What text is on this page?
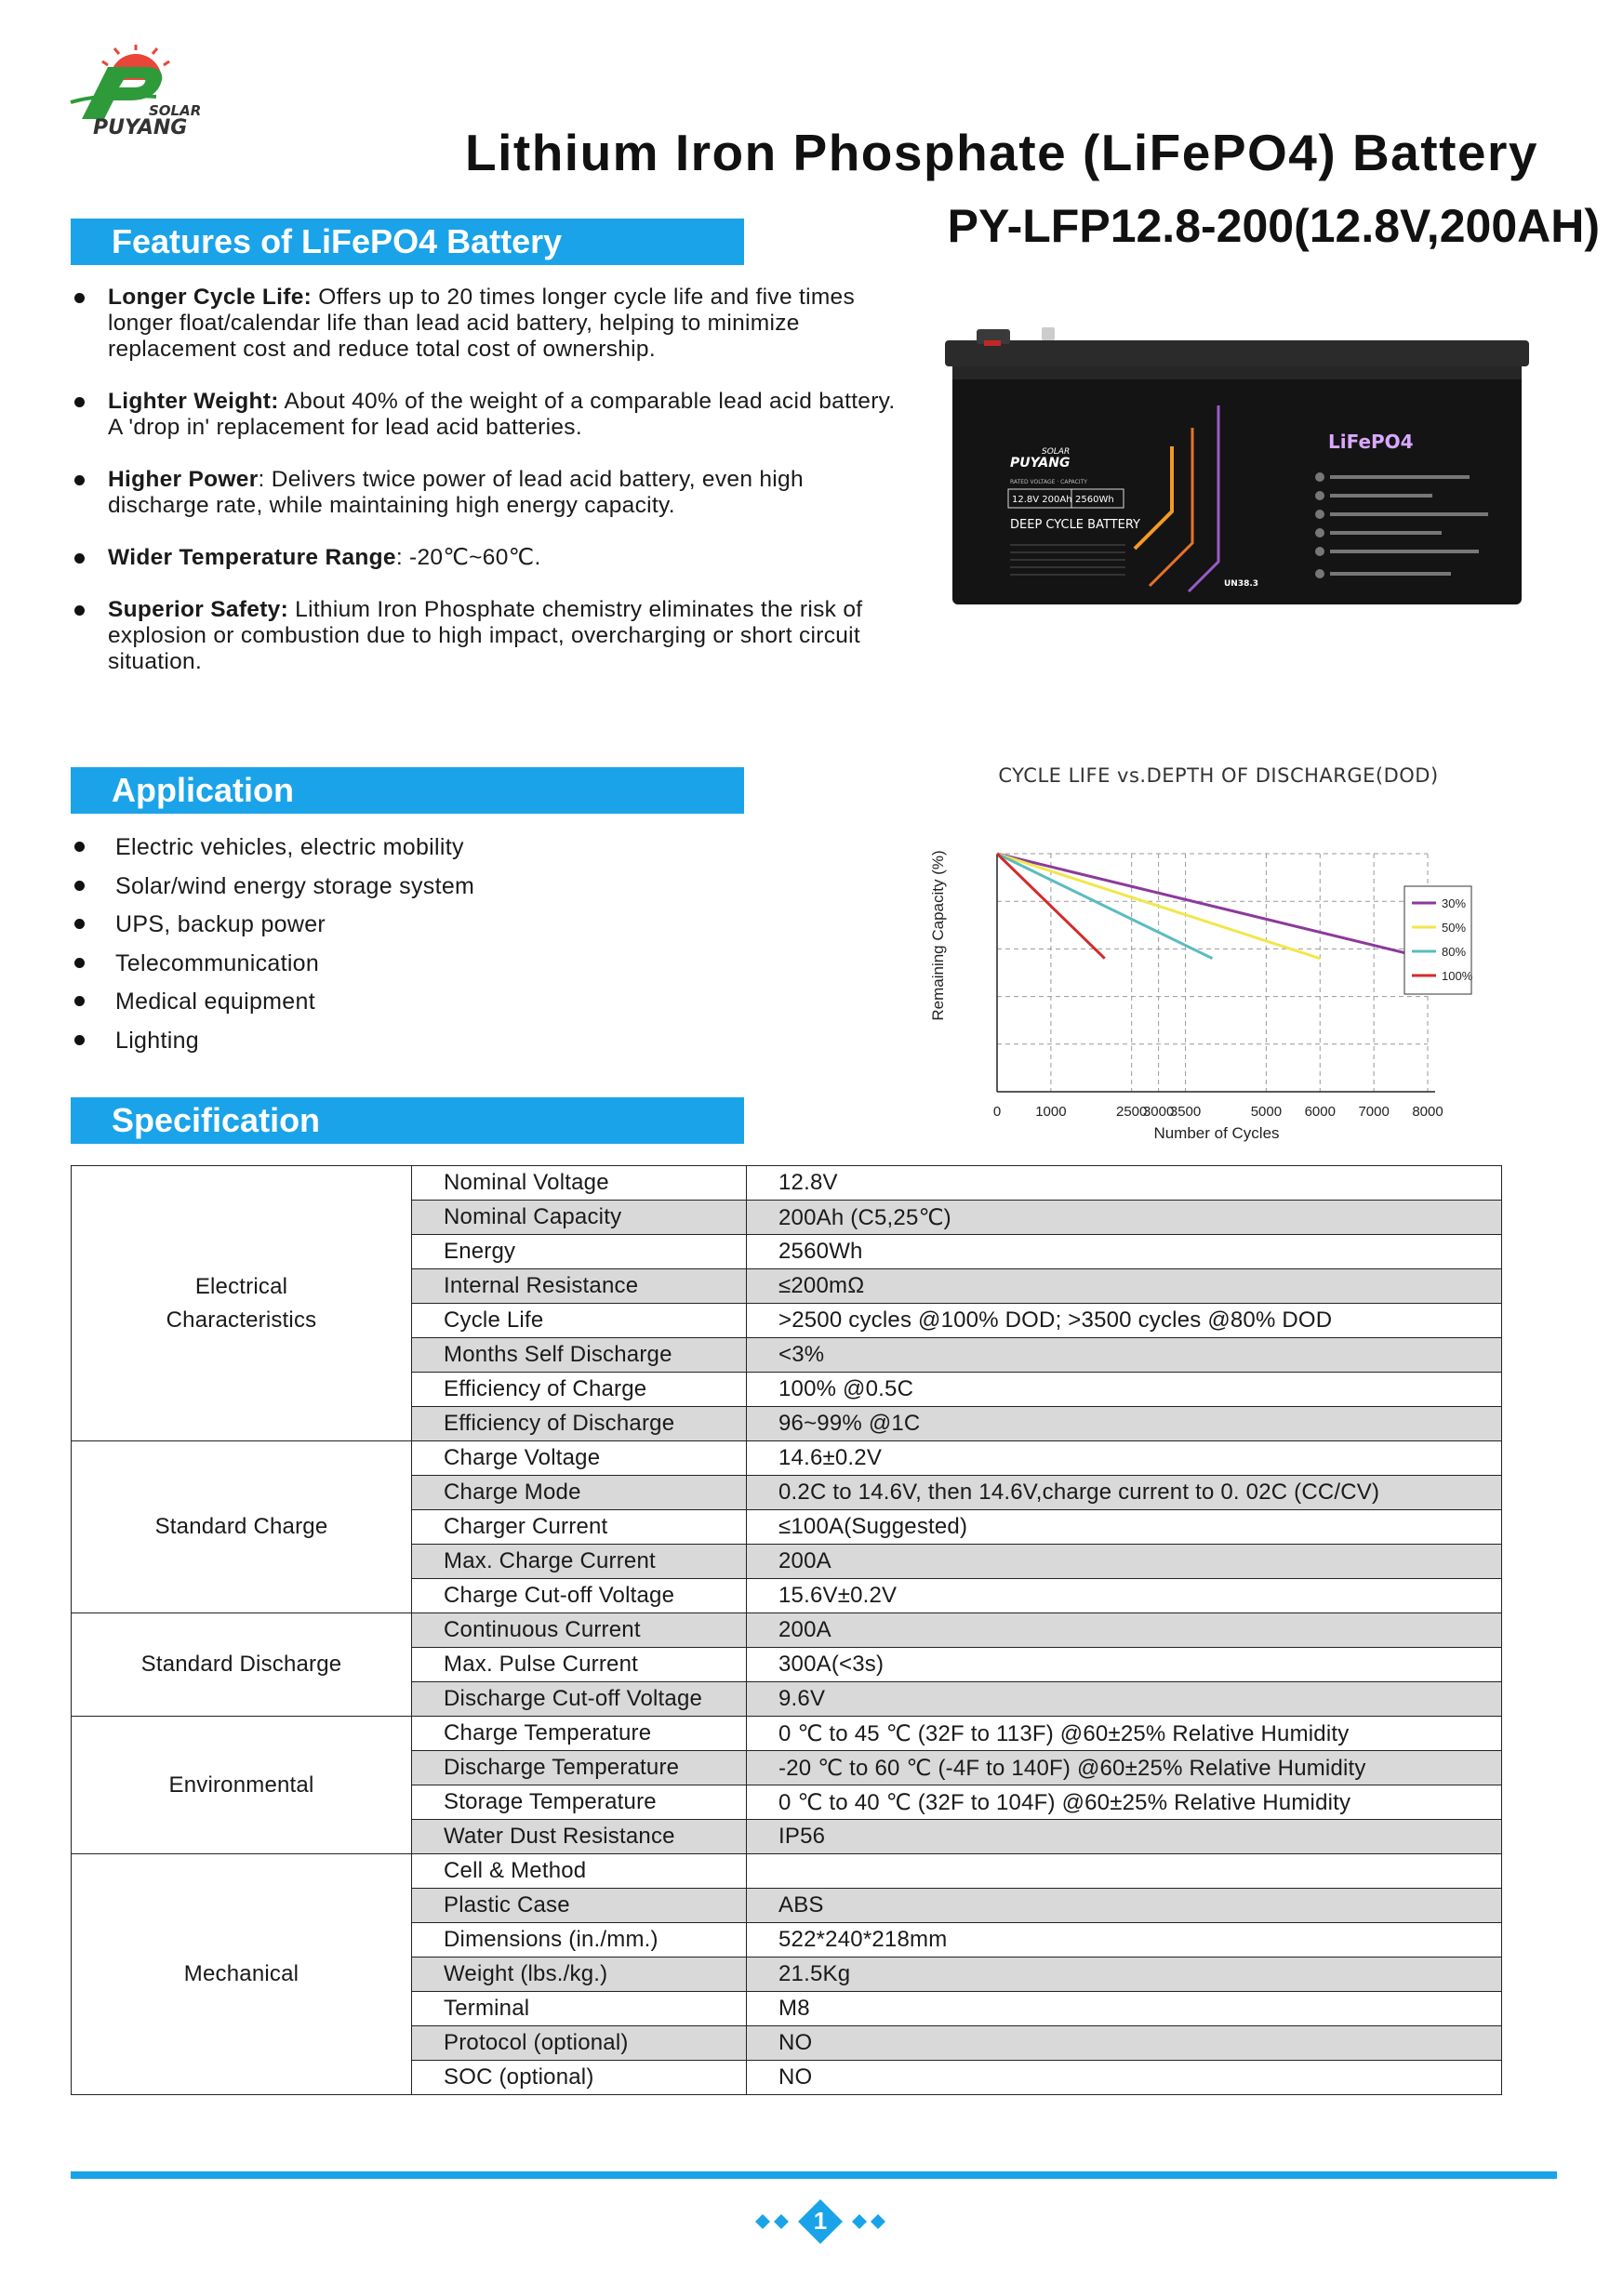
SOLAR
PUYANG	Lithium Iron Phosphate (LiFePO4) Battery
PY-LFP12.8-200(12.8V,200AH)
Features of LiFePO4 Battery
Longer Cycle Life: Offers up to 20 times longer cycle life and five times longer float/calendar life than lead acid battery, helping to minimize replacement cost and reduce total cost of ownership.
Lighter Weight: About 40% of the weight of a comparable lead acid battery. A 'drop in' replacement for lead acid batteries.
Higher Power: Delivers twice power of lead acid battery, even high discharge rate, while maintaining high energy capacity.
Wider Temperature Range: -20℃~60℃.
Superior Safety: Lithium Iron Phosphate chemistry eliminates the risk of explosion or combustion due to high impact, overcharging or short circuit situation.
SOLAR
PUYANG
RATED VOLTAGE · CAPACITY
12.8V 200Ah 2560Wh
DEEP CYCLE BATTERY
LiFePO4
UN38.3
Application
Electric vehicles, electric mobility
Solar/wind energy storage system
UPS, backup power
Telecommunication
Medical equipment
Lighting
CYCLE LIFE vs.DEPTH OF DISCHARGE(DOD)
0 1000	2500
3000
3500	5000 6000 7000 8000
Number of Cycles
Remaining Capacity (%)	30%
50%
80%
100%
Specification
Electrical
Characteristics	Nominal Voltage	12.8V
	Nominal Capacity	200Ah (C5,25℃)
	Energy	2560Wh
	Internal Resistance	≤200mΩ
	Cycle Life	>2500 cycles @100% DOD; >3500 cycles @80% DOD
	Months Self Discharge	<3%
	Efficiency of Charge	100% @0.5C
	Efficiency of Discharge	96~99% @1C

Standard Charge	Charge Voltage	14.6±0.2V
	Charge Mode	0.2C to 14.6V, then 14.6V,charge current to 0. 02C (CC/CV)
	Charger Current	≤100A(Suggested)
	Max. Charge Current	200A
	Charge Cut-off Voltage	15.6V±0.2V

Standard Discharge	Continuous Current	200A
	Max. Pulse Current	300A(<3s)
	Discharge Cut-off Voltage	9.6V

Environmental	Charge Temperature	0 ℃ to 45 ℃ (32F to 113F) @60±25% Relative Humidity
	Discharge Temperature	-20 ℃ to 60 ℃ (-4F to 140F) @60±25% Relative Humidity
	Storage Temperature	0 ℃ to 40 ℃ (32F to 104F) @60±25% Relative Humidity
	Water Dust Resistance	IP56

Mechanical	Cell & Method	
	Plastic Case	ABS
	Dimensions (in./mm.)	522*240*218mm
	Weight (lbs./kg.)	21.5Kg
	Terminal	M8
	Protocol (optional)	NO
	SOC (optional)	NO
1
